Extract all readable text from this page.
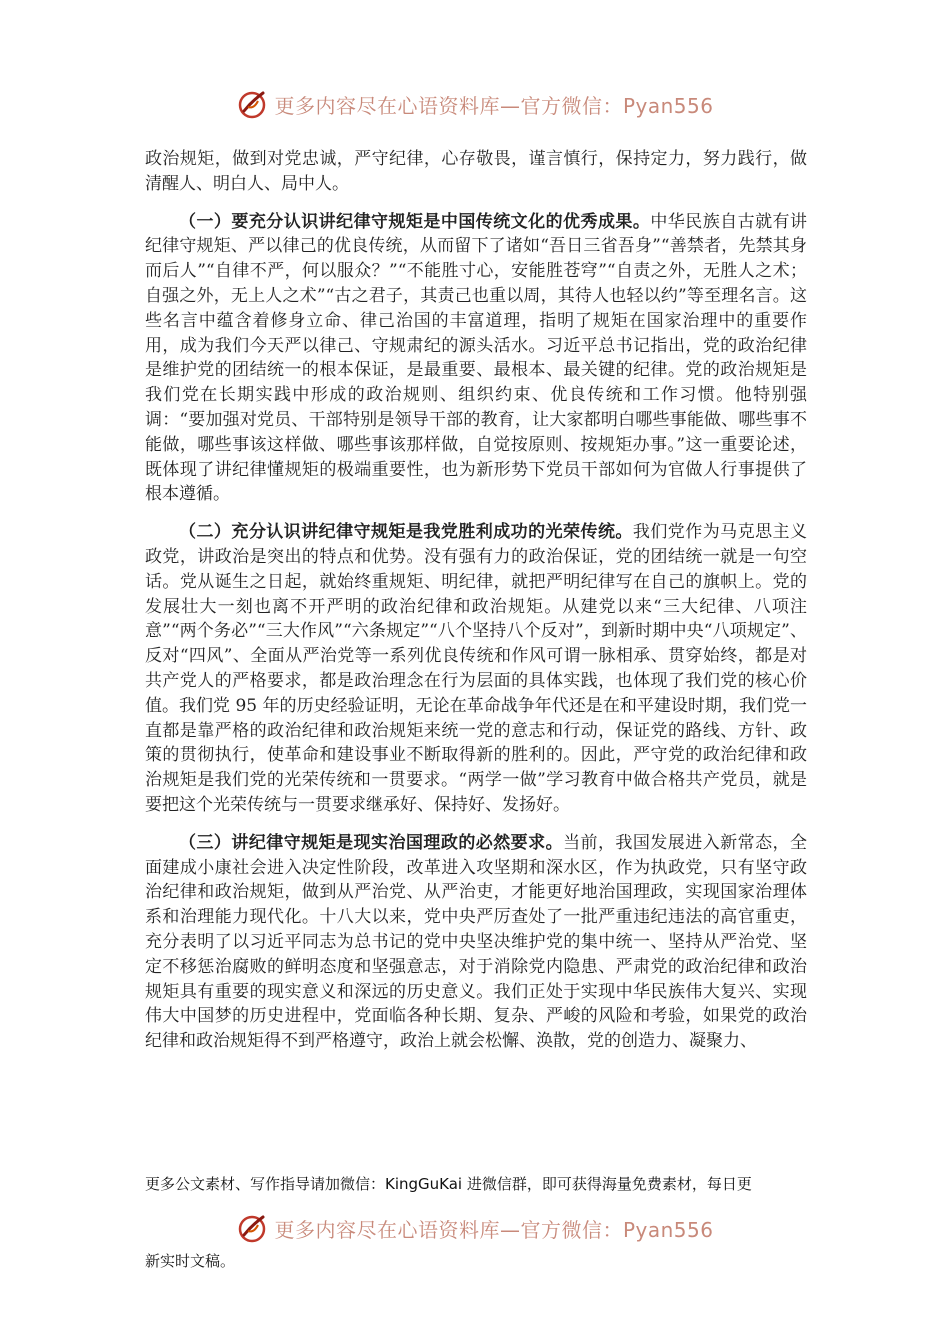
更多内容尽在心语资料库—官方微信：Pyan556

政治规矩，做到对党忠诚，严守纪律，心存敬畏，谨言慎行，保持定力，努力践行，做清醒人、明白人、局中人。

（一）要充分认识讲纪律守规矩是中国传统文化的优秀成果。中华民族自古就有讲纪律守规矩、严以律己的优良传统，从而留下了诸如“吾日三省吾身”“善禁者，先禁其身而后人”“自律不严，何以服众？”“不能胜寸心，安能胜苍穹”“自责之外，无胜人之术；自强之外，无上人之术”“古之君子，其责己也重以周，其待人也轻以约”等至理名言。这些名言中蕴含着修身立命、律己治国的丰富道理，指明了规矩在国家治理中的重要作用，成为我们今天严以律己、守规肃纪的源头活水。习近平总书记指出，党的政治纪律是维护党的团结统一的根本保证，是最重要、最根本、最关键的纪律。党的政治规矩是我们党在长期实践中形成的政治规则、组织约束、优良传统和工作习惯。他特别强调：“要加强对党员、干部特别是领导干部的教育，让大家都明白哪些事能做、哪些事不能做，哪些事该这样做、哪些事该那样做，自觉按原则、按规矩办事。”这一重要论述，既体现了讲纪律懂规矩的极端重要性，也为新形势下党员干部如何为官做人行事提供了根本遵循。

（二）充分认识讲纪律守规矩是我党胜利成功的光荣传统。我们党作为马克思主义政党，讲政治是突出的特点和优势。没有强有力的政治保证，党的团结统一就是一句空话。党从诞生之日起，就始终重规矩、明纪律，就把严明纪律写在自己的旗帜上。党的发展壮大一刻也离不开严明的政治纪律和政治规矩。从建党以来“三大纪律、八项注意”“两个务必”“三大作风”“六条规定”“八个坚持八个反对”，到新时期中央“八项规定”、反对“四风”、全面从严治党等一系列优良传统和作风可谓一脉相承、贯穿始终，都是对共产党人的严格要求，都是政治理念在行为层面的具体实践，也体现了我们党的核心价值。我们党 95 年的历史经验证明，无论在革命战争年代还是在和平建设时期，我们党一直都是靠严格的政治纪律和政治规矩来统一党的意志和行动，保证党的路线、方针、政策的贯彻执行，使革命和建设事业不断取得新的胜利的。因此，严守党的政治纪律和政治规矩是我们党的光荣传统和一贯要求。“两学一做”学习教育中做合格共产党员，就是要把这个光荣传统与一贯要求继承好、保持好、发扬好。

（三）讲纪律守规矩是现实治国理政的必然要求。当前，我国发展进入新常态，全面建成小康社会进入决定性阶段，改革进入攻坚期和深水区，作为执政党，只有坚守政治纪律和政治规矩，做到从严治党、从严治吏，才能更好地治国理政，实现国家治理体系和治理能力现代化。十八大以来，党中央严厉查处了一批严重违纪违法的高官重吏，充分表明了以习近平同志为总书记的党中央坚决维护党的集中统一、坚持从严治党、坚定不移惩治腐败的鲜明态度和坚强意志，对于消除党内隐患、严肃党的政治纪律和政治规矩具有重要的现实意义和深远的历史意义。我们正处于实现中华民族伟大复兴、实现伟大中国梦的历史进程中，党面临各种长期、复杂、严峻的风险和考验，如果党的政治纪律和政治规矩得不到严格遵守，政治上就会松懈、涣散，党的创造力、凝聚力、

更多公文素材、写作指导请加微信：KingGuKai 进微信群，即可获得海量免费素材，每日更
更多内容尽在心语资料库—官方微信：Pyan556
新实时文稿。
